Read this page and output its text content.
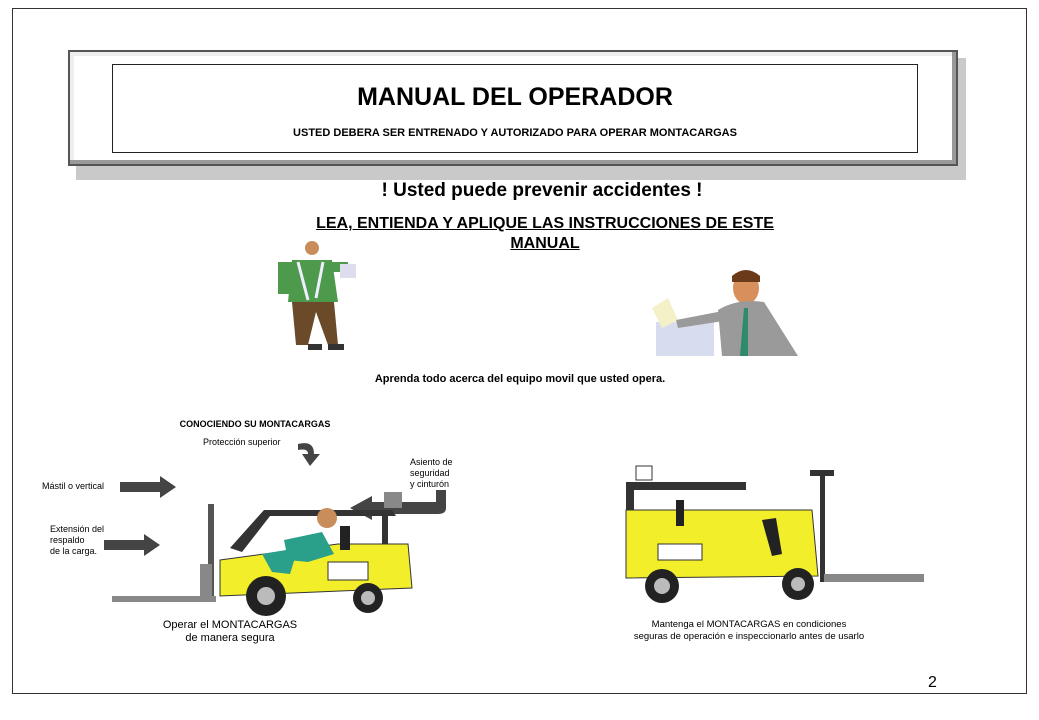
MANUAL DEL OPERADOR
USTED DEBERA SER ENTRENADO Y AUTORIZADO PARA OPERAR MONTACARGAS
! Usted puede prevenir accidentes !
LEA, ENTIENDA Y APLIQUE LAS INSTRUCCIONES DE ESTE
MANUAL
Aprenda todo acerca del equipo movil que usted opera.
CONOCIENDO SU MONTACARGAS
Protección superior
Mástil o vertical
Extensión del
respaldo
de la carga.
Asiento de
seguridad
y cinturón
Operar el MONTACARGAS
de manera segura
Mantenga el MONTACARGAS en condiciones
seguras de operación e inspeccionarlo antes de usarlo
2
